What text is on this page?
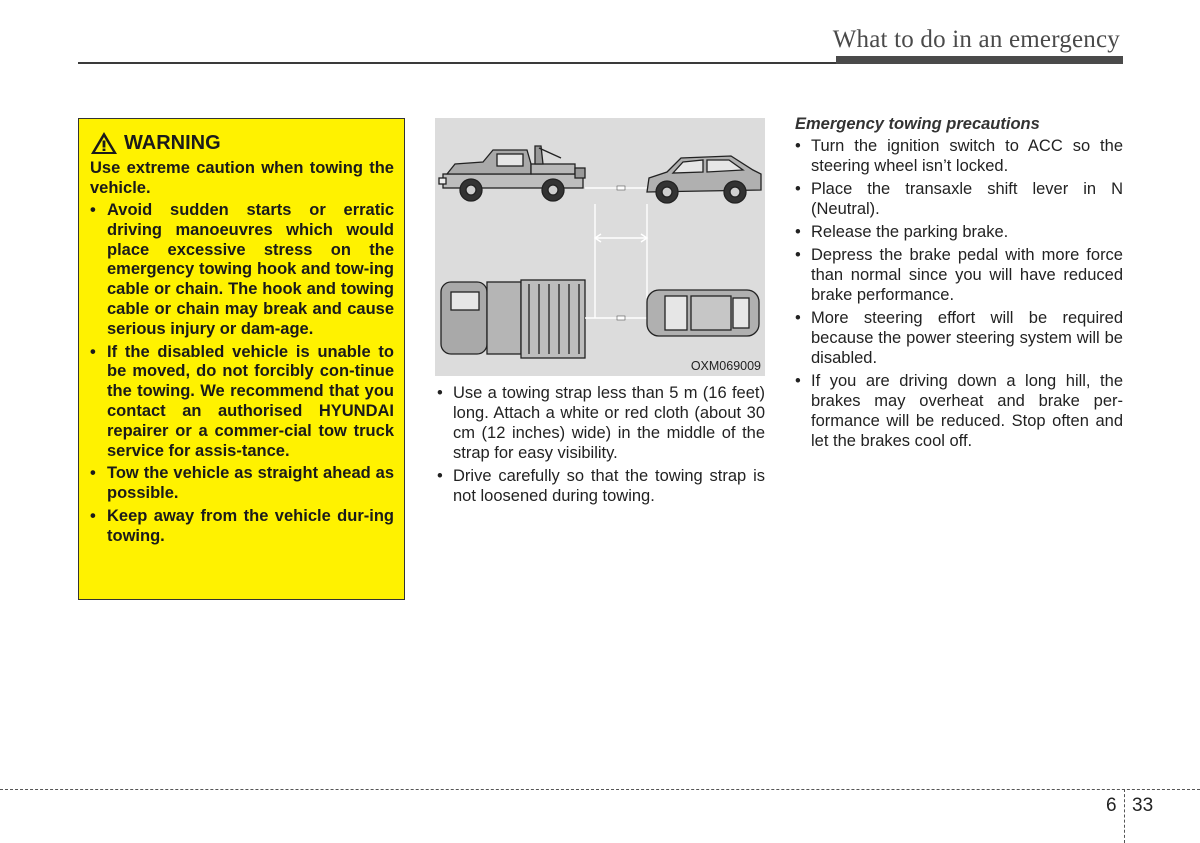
What to do in an emergency
WARNING
Use extreme caution when towing the vehicle.
• Avoid sudden starts or erratic driving manoeuvres which would place excessive stress on the emergency towing hook and tow-ing cable or chain. The hook and towing cable or chain may break and cause serious injury or dam-age.
• If the disabled vehicle is unable to be moved, do not forcibly con-tinue the towing. We recommend that you contact an authorised HYUNDAI repairer or a commer-cial tow truck service for assis-tance.
• Tow the vehicle as straight ahead as possible.
• Keep away from the vehicle dur-ing towing.
OXM069009
• Use a towing strap less than 5 m (16 feet) long. Attach a white or red cloth (about 30 cm (12 inches) wide) in the middle of the strap for easy visibility.
• Drive carefully so that the towing strap is not loosened during towing.
Emergency towing precautions
• Turn the ignition switch to ACC so the steering wheel isn’t locked.
• Place the transaxle shift lever in N (Neutral).
• Release the parking brake.
• Depress the brake pedal with more force than normal since you will have reduced brake performance.
• More steering effort will be required because the power steering system will be disabled.
• If you are driving down a long hill, the brakes may overheat and brake per-formance will be reduced. Stop often and let the brakes cool off.
6 33
